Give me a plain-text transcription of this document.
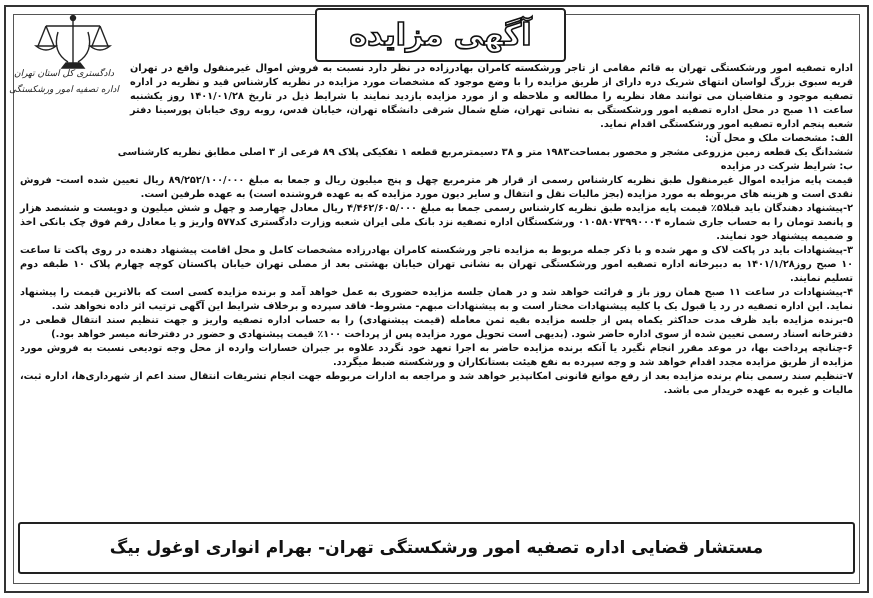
آگهی مزایده
دادگستری کل استان تهران
اداره تصفیه امور ورشکستگی

اداره تصفیه امور ورشکستگی تهران به قائم مقامی از تاجر ورشکسته کامران بهادرزاده در نظر دارد نسبت به فروش اموال غیرمنقول واقع در تهران قریه سبوی بزرگ لواسان انتهای شریک دره دارای از طریق مزایده را با وضع موجود که مشخصات مورد مزایده در نظریه کارشناس قید و نظریه در اداره تصفیه موجود و متقاضیان می توانند مفاد نظریه را مطالعه و ملاحظه و از مورد مزایده بازدید نمایند با شرایط ذیل در تاریخ ۱۴۰۱/۰۱/۲۸ روز یکشنبه ساعت ۱۱ صبح در محل اداره تصفیه امور ورشکستگی به نشانی تهران، ضلع شمال شرقی دانشگاه تهران، خیابان قدس، روبه روی خیابان پورسینا دفتر شعبه پنجم اداره تصفیه امور ورشکستگی اقدام نماید.

الف: مشخصات ملک و محل آن:

ششدانگ یک قطعه زمین مزروعی مشجر و محصور بمساحت۱۹۸۳ متر و ۳۸ دسیمترمربع قطعه ۱ تفکیکی پلاک ۸۹ فرعی از ۳ اصلی مطابق نظریه کارشناسی

ب: شرایط شرکت در مزایده

قیمت پایه مزایده اموال غیرمنقول طبق نظریه کارشناس رسمی از قرار هر مترمربع چهل و پنج میلیون ریال و جمعا به مبلغ ۸۹/۲۵۲/۱۰۰/۰۰۰ ریال تعیین شده است- فروش نقدی است و هزینه های مربوطه به مورد مزایده (بجز مالیات نقل و انتقال و سایر دیون مورد مزایده که به عهده فروشنده است) به عهده طرفین است.

۲-پیشنهاد دهندگان باید قبلا۵٪ قیمت پایه مزایده طبق نظریه کارشناس رسمی جمعا به مبلغ ۴/۴۶۲/۶۰۵/۰۰۰ ریال معادل چهارصد و چهل و شش میلیون و دویست و ششصد هزار و پانصد تومان را به حساب جاری شماره ۰۱۰۵۸۰۷۳۹۹۰۰۰۴ ورشکستگان اداره تصفیه نزد بانک ملی ایران شعبه وزارت دادگستری کد۵۷۷ واریز و یا معادل رقم فوق چک بانکی اخذ و ضمیمه پیشنهاد خود نمایند.

۳-پیشنهادات باید در پاکت لاک و مهر شده و با ذکر جمله مربوط به مزایده تاجر ورشکسته کامران بهادرزاده مشخصات کامل و محل اقامت پیشنهاد دهنده در روی پاکت تا ساعت ۱۰ صبح روز۱۴۰۱/۱/۲۸ به دبیرخانه اداره تصفیه امور ورشکستگی تهران به نشانی تهران خیابان بهشتی بعد از مصلی تهران خیابان پاکستان کوچه چهارم پلاک ۱۰ طبقه دوم تسلیم نمایند.

۴-پیشنهادات در ساعت ۱۱ صبح همان روز باز و قرائت خواهد شد و در همان جلسه مزایده حضوری به عمل خواهد آمد و برنده مزایده کسی است که بالاترین قیمت را پیشنهاد نماید. این اداره تصفیه در رد یا قبول یک یا کلیه پیشنهادات مختار است و به پیشنهادات مبهم- مشروط- فاقد سپرده و برخلاف شرایط این آگهی ترتیب اثر داده نخواهد شد.

۵-برنده مزایده باید ظرف مدت حداکثر یکماه پس از جلسه مزایده بقیه ثمن معامله (قیمت پیشنهادی) را به حساب اداره تصفیه واریز و جهت تنظیم سند انتقال قطعی در دفترخانه اسناد رسمی تعیین شده از سوی اداره حاضر شود. (بدیهی است تحویل مورد مزایده پس از پرداخت ۱۰۰٪ قیمت پیشنهادی و حضور در دفترخانه میسر خواهد بود.)

۶-چنانچه پرداخت بها، در موعد مقرر انجام نگیرد یا آنکه برنده مزایده حاضر به اجرا تعهد خود نگردد علاوه بر جبران خسارات وارده از محل وجه تودیعی نسبت به فروش مورد مزایده از طریق مزایده مجدد اقدام خواهد شد و وجه سپرده به نفع هیئت بستانکاران و ورشکسته ضبط میگردد.

۷-تنظیم سند رسمی بنام برنده مزایده بعد از رفع موانع قانونی امکانپذیر خواهد شد و مراجعه به ادارات مربوطه جهت انجام تشریفات انتقال سند اعم از شهرداری‌ها، اداره ثبت، مالیات و غیره به عهده خریدار می باشد.

مستشار قضایی اداره تصفیه امور ورشکستگی تهران- بهرام انواری اوغول بیگ
